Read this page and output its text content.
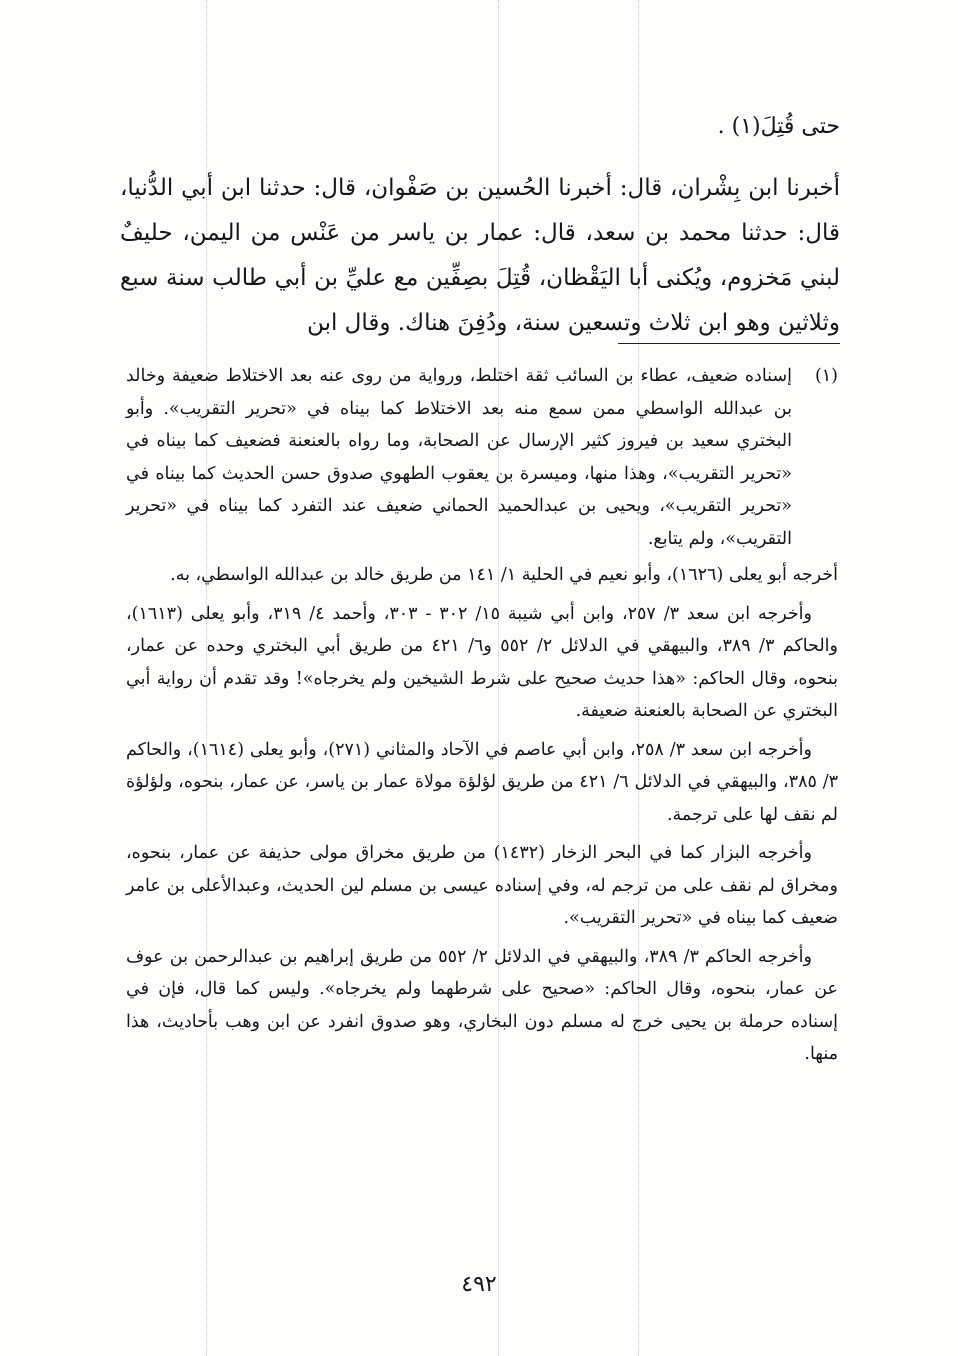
حتى قُتِلَ(١) .

أخبرنا ابن بِشْران، قال: أخبرنا الحُسين بن صَفْوان، قال: حدثنا ابن أبي الدُّنيا، قال: حدثنا محمد بن سعد، قال: عمار بن ياسر من عَنْس من اليمن، حليفٌ لبني مَخزوم، ويُكنى أبا اليَقْظان، قُتِلَ بصِفِّين مع عليِّ بن أبي طالب سنة سبع وثلاثين وهو ابن ثلاث وتسعين سنة، ودُفِنَ هناك. وقال ابن

(١)
إسناده ضعيف، عطاء بن السائب ثقة اختلط، ورواية من روى عنه بعد الاختلاط ضعيفة وخالد بن عبدالله الواسطي ممن سمع منه بعد الاختلاط كما بيناه في «تحرير التقريب». وأبو البختري سعيد بن فيروز كثير الإرسال عن الصحابة، وما رواه بالعنعنة فضعيف كما بيناه في «تحرير التقريب»، وهذا منها، وميسرة بن يعقوب الطهوي صدوق حسن الحديث كما بيناه في «تحرير التقريب»، ويحيى بن عبدالحميد الحماني ضعيف عند التفرد كما بيناه في «تحرير التقريب»، ولم يتابع.

أخرجه أبو يعلى (١٦٢٦)، وأبو نعيم في الحلية ١/ ١٤١ من طريق خالد بن عبدالله الواسطي، به.

وأخرجه ابن سعد ٣/ ٢٥٧، وابن أبي شيبة ١٥/ ٣٠٢ - ٣٠٣، وأحمد ٤/ ٣١٩، وأبو يعلى (١٦١٣)، والحاكم ٣/ ٣٨٩، والبيهقي في الدلائل ٢/ ٥٥٢ و٦/ ٤٢١ من طريق أبي البختري وحده عن عمار، بنحوه، وقال الحاكم: «هذا حديث صحيح على شرط الشيخين ولم يخرجاه»! وقد تقدم أن رواية أبي البختري عن الصحابة بالعنعنة ضعيفة.

وأخرجه ابن سعد ٣/ ٢٥٨، وابن أبي عاصم في الآحاد والمثاني (٢٧١)، وأبو يعلى (١٦١٤)، والحاكم ٣/ ٣٨٥، والبيهقي في الدلائل ٦/ ٤٢١ من طريق لؤلؤة مولاة عمار بن ياسر، عن عمار، بنحوه، ولؤلؤة لم نقف لها على ترجمة.

وأخرجه البزار كما في البحر الزخار (١٤٣٢) من طريق مخراق مولى حذيفة عن عمار، بنحوه، ومخراق لم نقف على من ترجم له، وفي إسناده عيسى بن مسلم لين الحديث، وعبدالأعلى بن عامر ضعيف كما بيناه في «تحرير التقريب».

وأخرجه الحاكم ٣/ ٣٨٩، والبيهقي في الدلائل ٢/ ٥٥٢ من طريق إبراهيم بن عبدالرحمن بن عوف عن عمار، بنحوه، وقال الحاكم: «صحيح على شرطهما ولم يخرجاه». وليس كما قال، فإن في إسناده حرملة بن يحيى خرج له مسلم دون البخاري، وهو صدوق انفرد عن ابن وهب بأحاديث، هذا منها.

٤٩٢
